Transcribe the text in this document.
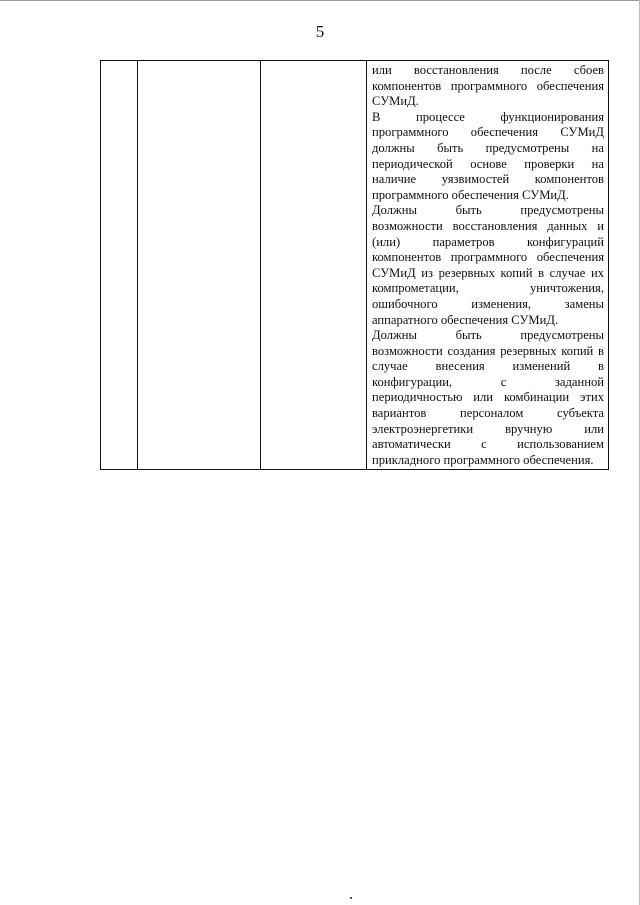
5

или восстановления после сбоев компонентов программного обеспечения СУМиД.

В процессе функционирования программного обеспечения СУМиД должны быть предусмотрены на периодической основе проверки на наличие уязвимостей компонентов программного обеспечения СУМиД.

Должны быть предусмотрены возможности восстановления данных и (или) параметров конфигураций компонентов программного обеспечения СУМиД из резервных копий в случае их компрометации, уничтожения, ошибочного изменения, замены аппаратного обеспечения СУМиД.

Должны быть предусмотрены возможности создания резервных копий в случае внесения изменений в конфигурации, с заданной периодичностью или комбинации этих вариантов персоналом субъекта электроэнергетики вручную или автоматически с использованием прикладного программного обеспечения.
